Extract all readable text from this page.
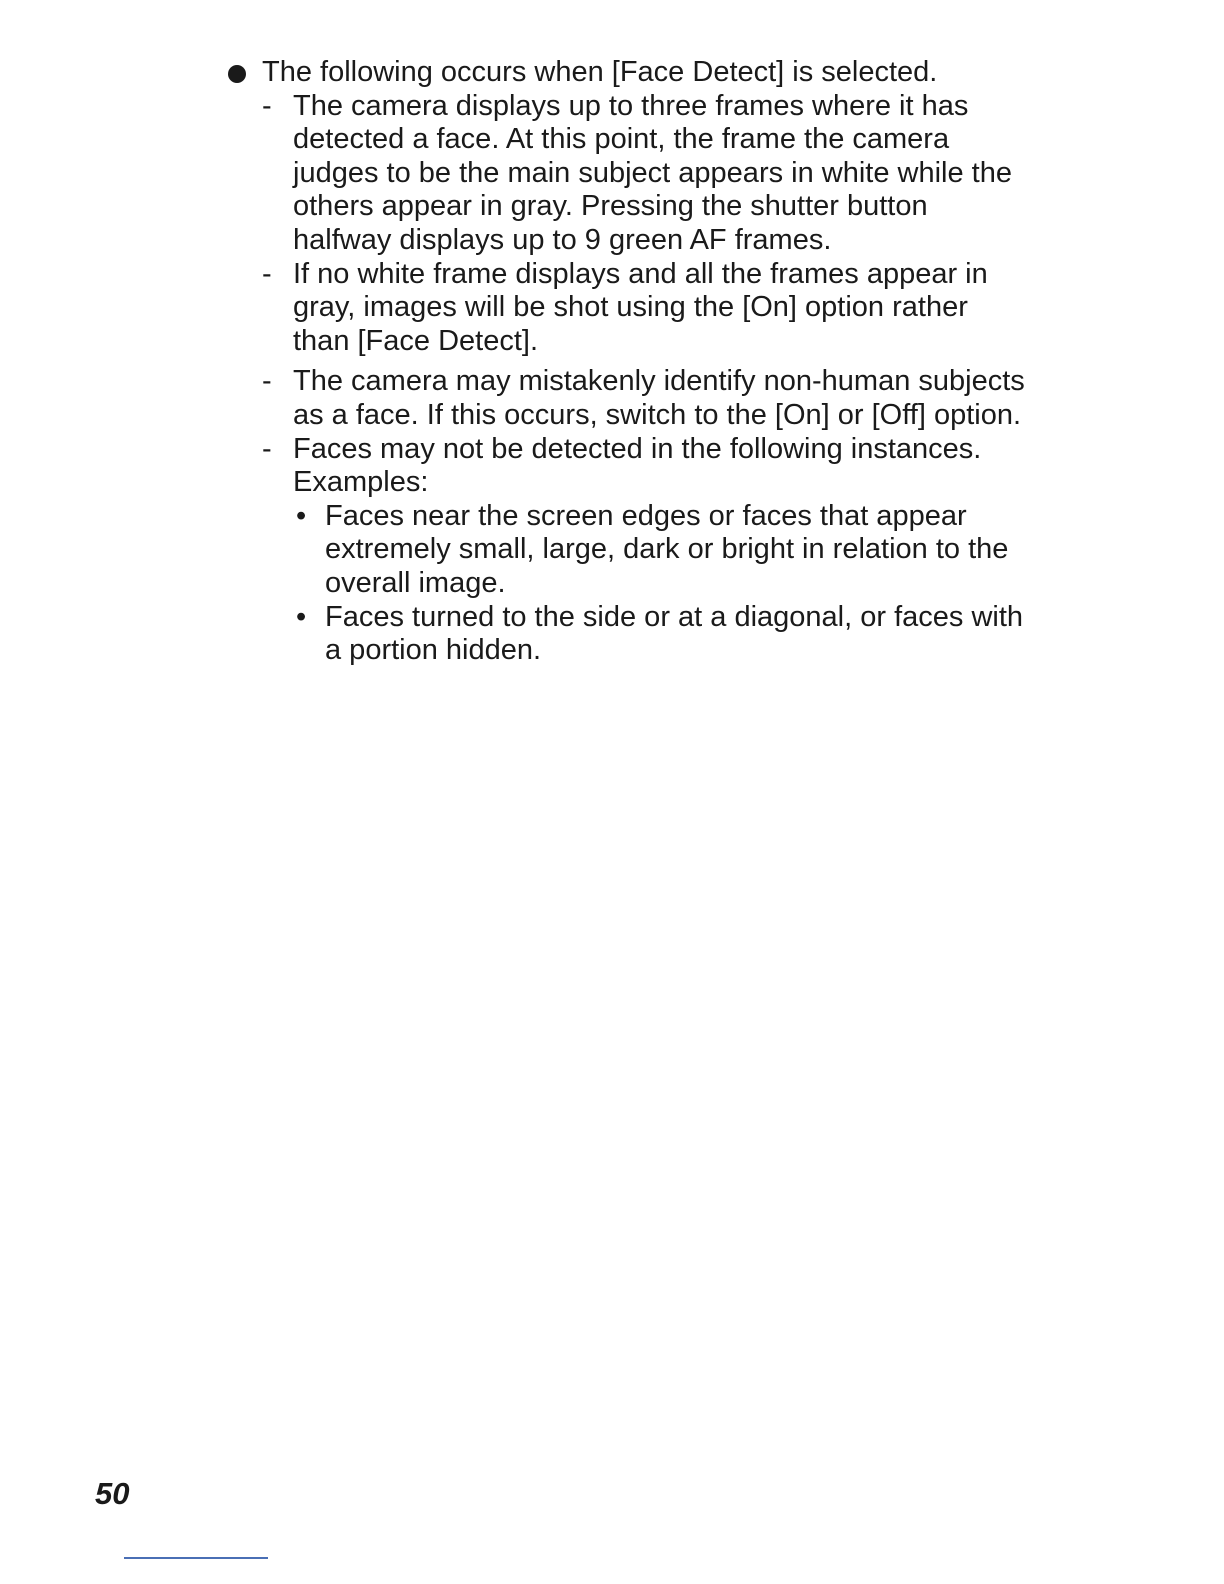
The following occurs when [Face Detect] is selected.
- The camera displays up to three frames where it has
detected a face. At this point, the frame the camera
judges to be the main subject appears in white while the
others appear in gray. Pressing the shutter button
halfway displays up to 9 green AF frames.
- If no white frame displays and all the frames appear in
gray, images will be shot using the [On] option rather
than [Face Detect].
- The camera may mistakenly identify non-human subjects
as a face. If this occurs, switch to the [On] or [Off] option.
- Faces may not be detected in the following instances.
Examples:
• Faces near the screen edges or faces that appear
extremely small, large, dark or bright in relation to the
overall image.
• Faces turned to the side or at a diagonal, or faces with
a portion hidden.
50
